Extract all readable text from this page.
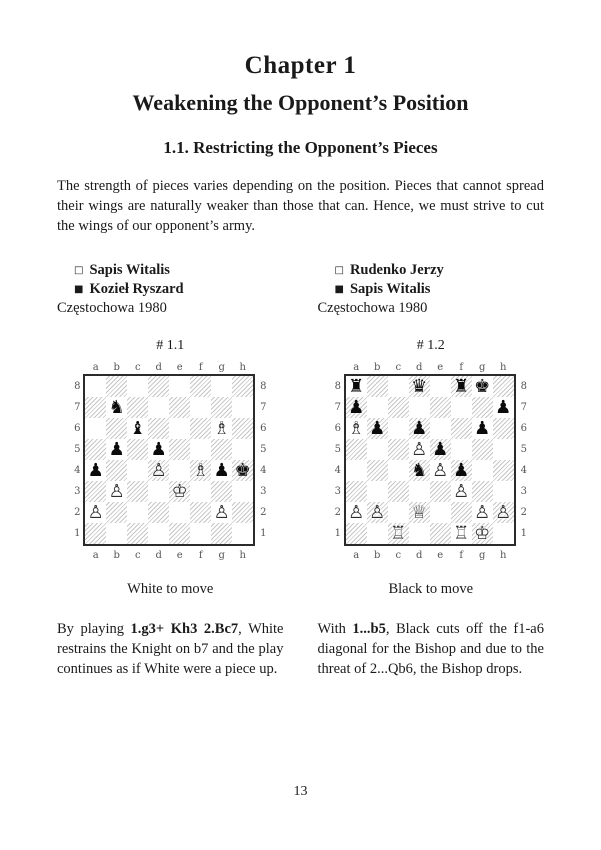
Chapter 1
Weakening the Opponent’s Position
1.1. Restricting the Opponent’s Pieces

The strength of pieces varies depending on the position. Pieces that cannot spread their wings are naturally weaker than those that can. Hence, we must strive to cut the wings of our opponent’s army.

□ Sapis Witalis
■ Kozieł Ryszard
Częstochowa 1980
# 1.1
a	b	c	d	e	f	g	h
a	b	c	d	e	f	g	h
8
7
6
5
4
3
2
1
8
7
6
5
4
3
2
1
♞
♝	♗
♟ ♟
♟	♙ ♗ ♟ ♚
♙	♔
♙	♙
White to move

By playing 1.g3+ Kh3 2.Bc7, White restrains the Knight on b7 and the play continues as if White were a piece up.

□ Rudenko Jerzy
■ Sapis Witalis
Częstochowa 1980
# 1.2
a	b	c	d	e	f	g	h
a	b	c	d	e	f	g	h
8
7
6
5
4
3
2
1
8
7
6
5
4
3
2
1
♜	♛ ♜ ♚
♟	♟
♗ ♟ ♟	♟
♙ ♟
♞ ♙ ♟
♙
♙ ♙ ♕	♙ ♙
♖	♖ ♔
Black to move

With 1...b5, Black cuts off the f1-a6 diagonal for the Bishop and due to the threat of 2...Qb6, the Bishop drops.

13
